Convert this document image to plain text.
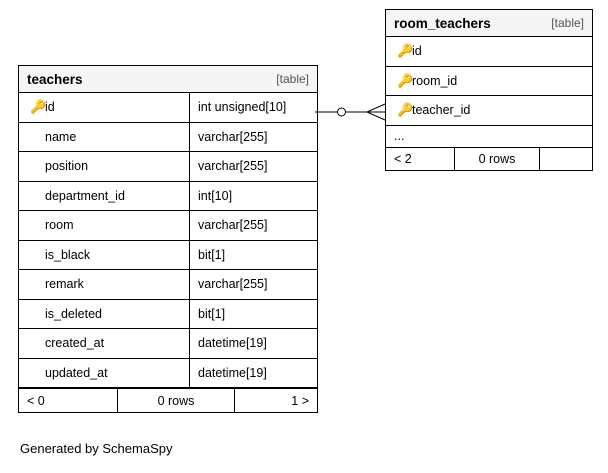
teachers	[table]
🔑
id	int unsigned[10]
name	varchar[255]
position	varchar[255]
department_id	int[10]
room	varchar[255]
is_black	bit[1]
remark	varchar[255]
is_deleted	bit[1]
created_at	datetime[19]
updated_at	datetime[19]
< 0	0 rows	1 >
room_teachers	[table]
🔑
id
🔑
room_id
🔑
teacher_id
...
< 2	0 rows
Generated by SchemaSpy
